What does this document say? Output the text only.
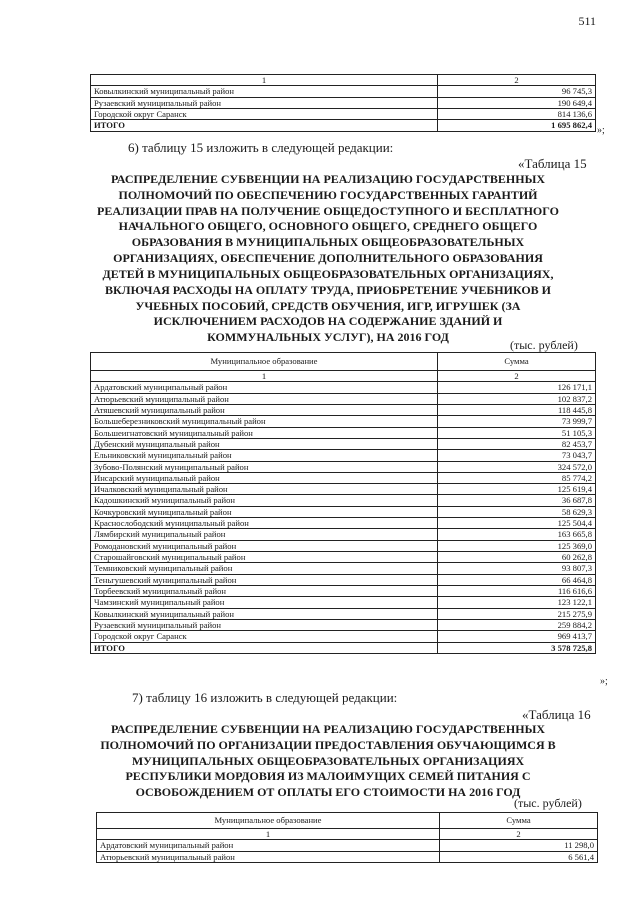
511
1	2
Ковылкинский муниципальный район	96 745,3
Рузаевский муниципальный район	190 649,4
Городской округ Саранск	814 136,6
ИТОГО	1 695 862,4 »;
6) таблицу 15 изложить в следующей редакции:
«Таблица 15
РАСПРЕДЕЛЕНИЕ СУБВЕНЦИИ НА РЕАЛИЗАЦИЮ ГОСУДАРСТВЕННЫХ
ПОЛНОМОЧИЙ ПО ОБЕСПЕЧЕНИЮ ГОСУДАРСТВЕННЫХ ГАРАНТИЙ
РЕАЛИЗАЦИИ ПРАВ НА ПОЛУЧЕНИЕ ОБЩЕДОСТУПНОГО И БЕСПЛАТНОГО
НАЧАЛЬНОГО ОБЩЕГО, ОСНОВНОГО ОБЩЕГО, СРЕДНЕГО ОБЩЕГО
ОБРАЗОВАНИЯ В МУНИЦИПАЛЬНЫХ ОБЩЕОБРАЗОВАТЕЛЬНЫХ
ОРГАНИЗАЦИЯХ, ОБЕСПЕЧЕНИЕ ДОПОЛНИТЕЛЬНОГО ОБРАЗОВАНИЯ
ДЕТЕЙ В МУНИЦИПАЛЬНЫХ ОБЩЕОБРАЗОВАТЕЛЬНЫХ ОРГАНИЗАЦИЯХ,
ВКЛЮЧАЯ РАСХОДЫ НА ОПЛАТУ ТРУДА, ПРИОБРЕТЕНИЕ УЧЕБНИКОВ И
УЧЕБНЫХ ПОСОБИЙ, СРЕДСТВ ОБУЧЕНИЯ, ИГР, ИГРУШЕК (ЗА
ИСКЛЮЧЕНИЕМ РАСХОДОВ НА СОДЕРЖАНИЕ ЗДАНИЙ И
КОММУНАЛЬНЫХ УСЛУГ), НА 2016 ГОД
(тыс. рублей)
Муниципальное образование	Сумма
1	2
Ардатовский муниципальный район	126 171,1
Атюрьевский муниципальный район	102 837,2
Атяшевский муниципальный район	118 445,8
Большеберезниковский муниципальный район	73 999,7
Большеигнатовский муниципальный район	51 105,3
Дубенский муниципальный район	82 453,7
Ельниковский муниципальный район	73 043,7
Зубово-Полянский муниципальный район	324 572,0
Инсарский муниципальный район	85 774,2
Ичалковский муниципальный район	125 619,4
Кадошкинский муниципальный район	36 687,8
Кочкуровский муниципальный район	58 629,3
Краснослободский муниципальный район	125 504,4
Лямбирский муниципальный район	163 665,8
Ромодановский муниципальный район	125 369,0
Старошайговский муниципальный район	60 262,8
Темниковский муниципальный район	93 807,3
Теньгушевский муниципальный район	66 464,8
Торбеевский муниципальный район	116 616,6
Чамзинский муниципальный район	123 122,1
Ковылкинский муниципальный район	215 275,9
Рузаевский муниципальный район	259 884,2
Городской округ Саранск	969 413,7
ИТОГО	3 578 725,8
»;
7) таблицу 16 изложить в следующей редакции:
«Таблица 16
РАСПРЕДЕЛЕНИЕ СУБВЕНЦИИ НА РЕАЛИЗАЦИЮ ГОСУДАРСТВЕННЫХ
ПОЛНОМОЧИЙ ПО ОРГАНИЗАЦИИ ПРЕДОСТАВЛЕНИЯ ОБУЧАЮЩИМСЯ В
МУНИЦИПАЛЬНЫХ ОБЩЕОБРАЗОВАТЕЛЬНЫХ ОРГАНИЗАЦИЯХ
РЕСПУБЛИКИ МОРДОВИЯ ИЗ МАЛОИМУЩИХ СЕМЕЙ ПИТАНИЯ С
ОСВОБОЖДЕНИЕМ ОТ ОПЛАТЫ ЕГО СТОИМОСТИ НА 2016 ГОД
(тыс. рублей)
Муниципальное образование	Сумма
1	2
Ардатовский муниципальный район	11 298,0
Атюрьевский муниципальный район	6 561,4
